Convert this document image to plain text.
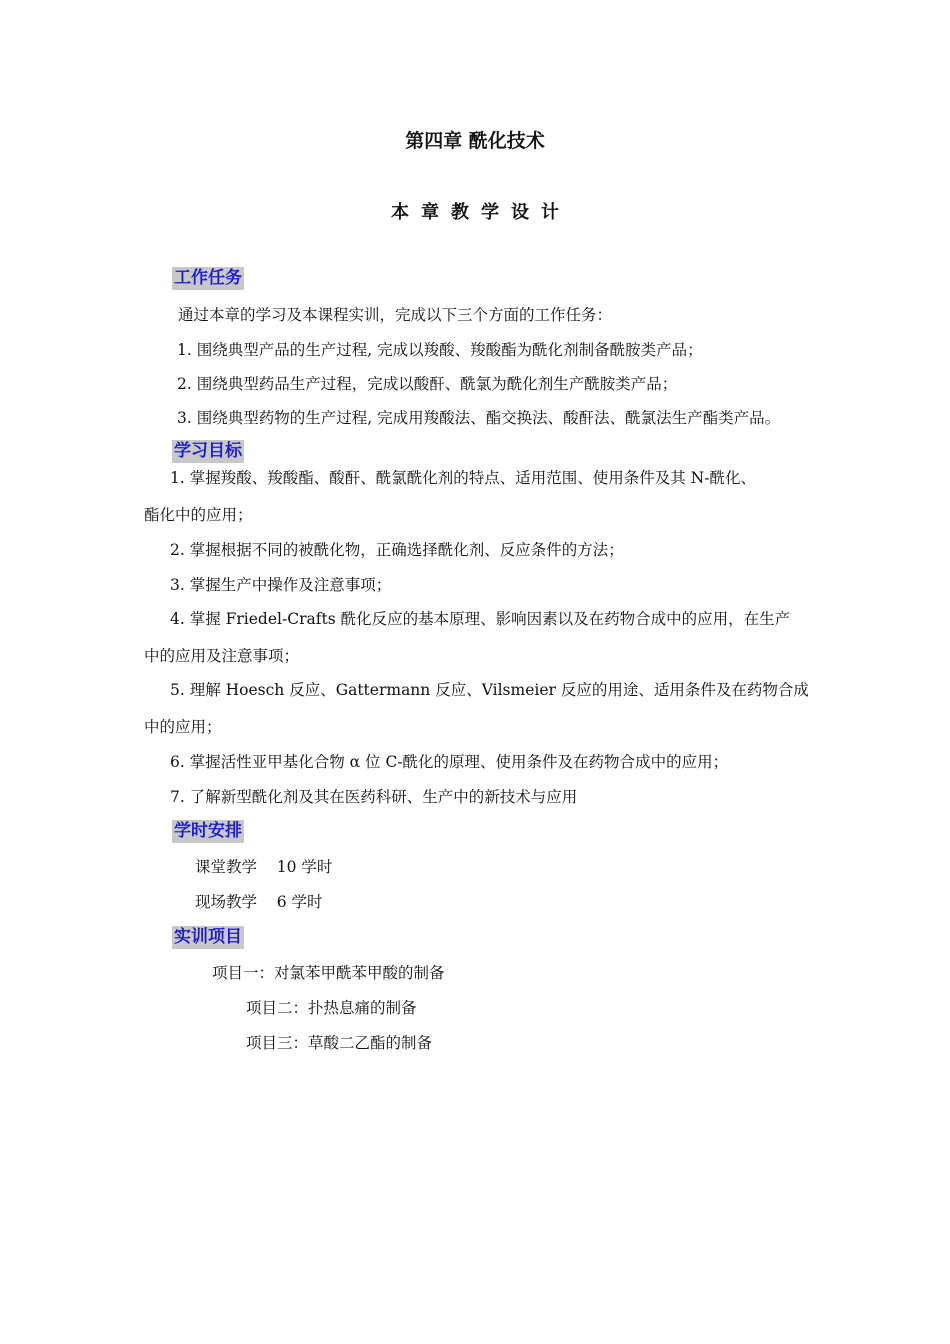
第四章 酰化技术
本章教学设计
工作任务
通过本章的学习及本课程实训，完成以下三个方面的工作任务：
1. 围绕典型产品的生产过程, 完成以羧酸、羧酸酯为酰化剂制备酰胺类产品；
2. 围绕典型药品生产过程，完成以酸酐、酰氯为酰化剂生产酰胺类产品；
3. 围绕典型药物的生产过程, 完成用羧酸法、酯交换法、酸酐法、酰氯法生产酯类产品。
学习目标
1. 掌握羧酸、羧酸酯、酸酐、酰氯酰化剂的特点、适用范围、使用条件及其 N-酰化、
酯化中的应用；
2. 掌握根据不同的被酰化物，正确选择酰化剂、反应条件的方法；
3. 掌握生产中操作及注意事项；
4. 掌握 Friedel-Crafts 酰化反应的基本原理、影响因素以及在药物合成中的应用，在生产
中的应用及注意事项；
5. 理解 Hoesch 反应、Gattermann 反应、Vilsmeier 反应的用途、适用条件及在药物合成
中的应用；
6. 掌握活性亚甲基化合物 α 位 C-酰化的原理、使用条件及在药物合成中的应用；
7. 了解新型酰化剂及其在医药科研、生产中的新技术与应用
学时安排
课堂教学    10 学时
现场教学    6 学时
实训项目
项目一：对氯苯甲酰苯甲酸的制备
项目二：扑热息痛的制备
项目三：草酸二乙酯的制备
